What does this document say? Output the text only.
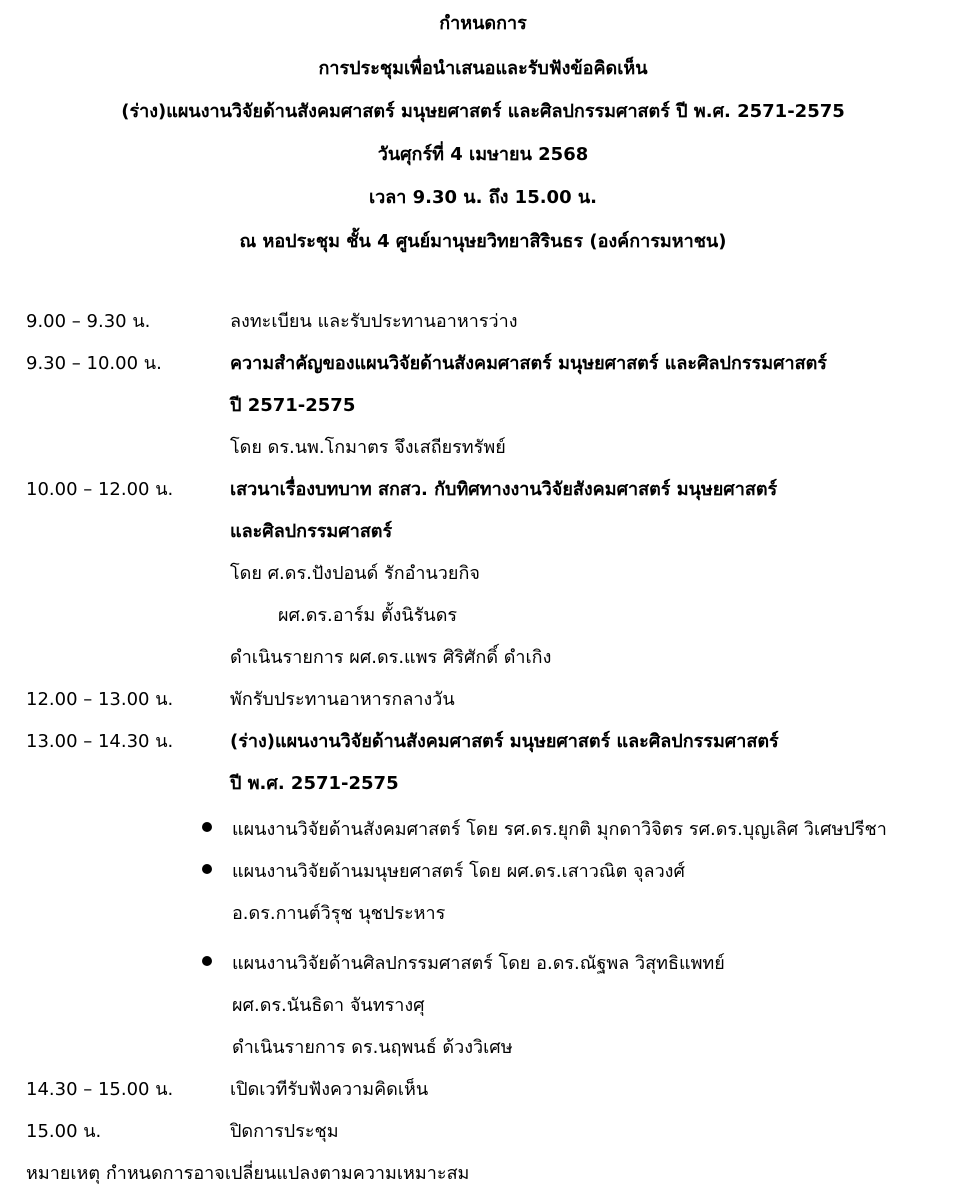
กำหนดการ
การประชุมเพื่อนำเสนอและรับฟังข้อคิดเห็น
(ร่าง)แผนงานวิจัยด้านสังคมศาสตร์ มนุษยศาสตร์ และศิลปกรรมศาสตร์ ปี พ.ศ. 2571-2575
วันศุกร์ที่ 4 เมษายน 2568
เวลา 9.30 น. ถึง 15.00 น.
ณ หอประชุม ชั้น 4 ศูนย์มานุษยวิทยาสิรินธร (องค์การมหาชน)
9.00 – 9.30 น.	ลงทะเบียน และรับประทานอาหารว่าง
9.30 – 10.00 น.	ความสำคัญของแผนวิจัยด้านสังคมศาสตร์ มนุษยศาสตร์ และศิลปกรรมศาสตร์
ปี 2571-2575
โดย ดร.นพ.โกมาตร จึงเสถียรทรัพย์
10.00 – 12.00 น.	เสวนาเรื่องบทบาท สกสว. กับทิศทางงานวิจัยสังคมศาสตร์ มนุษยศาสตร์
และศิลปกรรมศาสตร์
โดย ศ.ดร.ปังปอนด์ รักอำนวยกิจ
ผศ.ดร.อาร์ม ตั้งนิรันดร
ดำเนินรายการ ผศ.ดร.แพร ศิริศักดิ์ ดำเกิง
12.00 – 13.00 น.	พักรับประทานอาหารกลางวัน
13.00 – 14.30 น.	(ร่าง)แผนงานวิจัยด้านสังคมศาสตร์ มนุษยศาสตร์ และศิลปกรรมศาสตร์
ปี พ.ศ. 2571-2575
แผนงานวิจัยด้านสังคมศาสตร์ โดย รศ.ดร.ยุกติ มุกดาวิจิตร รศ.ดร.บุญเลิศ วิเศษปรีชา
แผนงานวิจัยด้านมนุษยศาสตร์ โดย ผศ.ดร.เสาวณิต จุลวงศ์
อ.ดร.กานต์วิรุช นุชประหาร
แผนงานวิจัยด้านศิลปกรรมศาสตร์ โดย อ.ดร.ณัฐพล วิสุทธิแพทย์
ผศ.ดร.นันธิดา จันทรางศุ
ดำเนินรายการ ดร.นฤพนธ์ ด้วงวิเศษ
14.30 – 15.00 น.	เปิดเวทีรับฟังความคิดเห็น
15.00 น.	ปิดการประชุม
หมายเหตุ กำหนดการอาจเปลี่ยนแปลงตามความเหมาะสม
